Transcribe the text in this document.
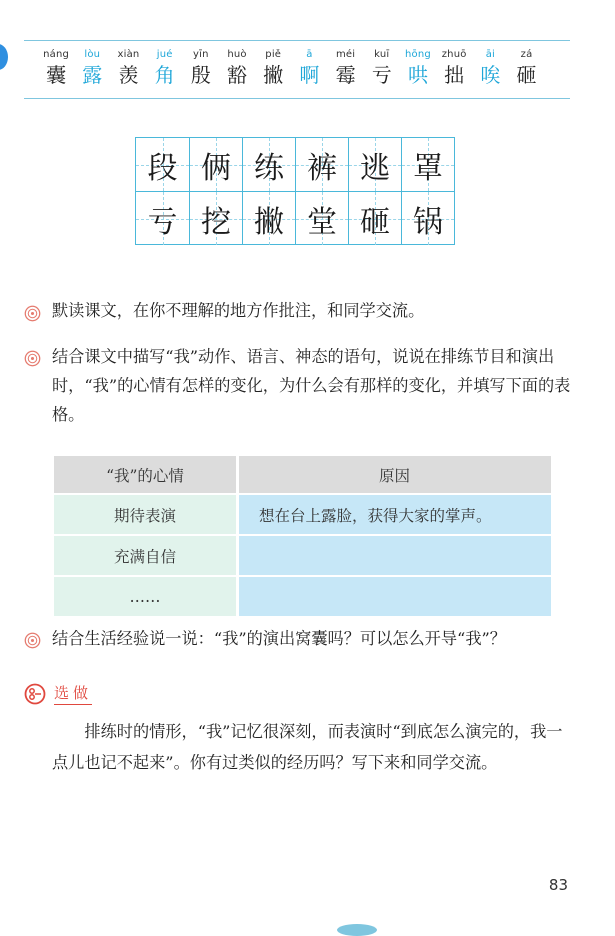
náng
囊
lòu
露
xiàn
羡
jué
角
yīn
殷
huò
豁
piě
撇
ā
啊
méi
霉
kuī
亏
hōng
哄
zhuō
拙
āi
唉
zá
砸
段 俩 练 裤 逃 罩
亏 挖 撇 堂 砸 锅
默读课文，在你不理解的地方作批注，和同学交流。
结合课文中描写“我”动作、语言、神态的语句，说说在排练节目和演出时，“我”的心情有怎样的变化，为什么会有那样的变化，并填写下面的表格。
“我”的心情	原因
期待表演	想在台上露脸，获得大家的掌声。
充满自信	
……	
结合生活经验说一说：“我”的演出窝囊吗？可以怎么开导“我”？
选做
排练时的情形，“我”记忆很深刻，而表演时“到底怎么演完的，我一点儿也记不起来”。你有过类似的经历吗？写下来和同学交流。
83
